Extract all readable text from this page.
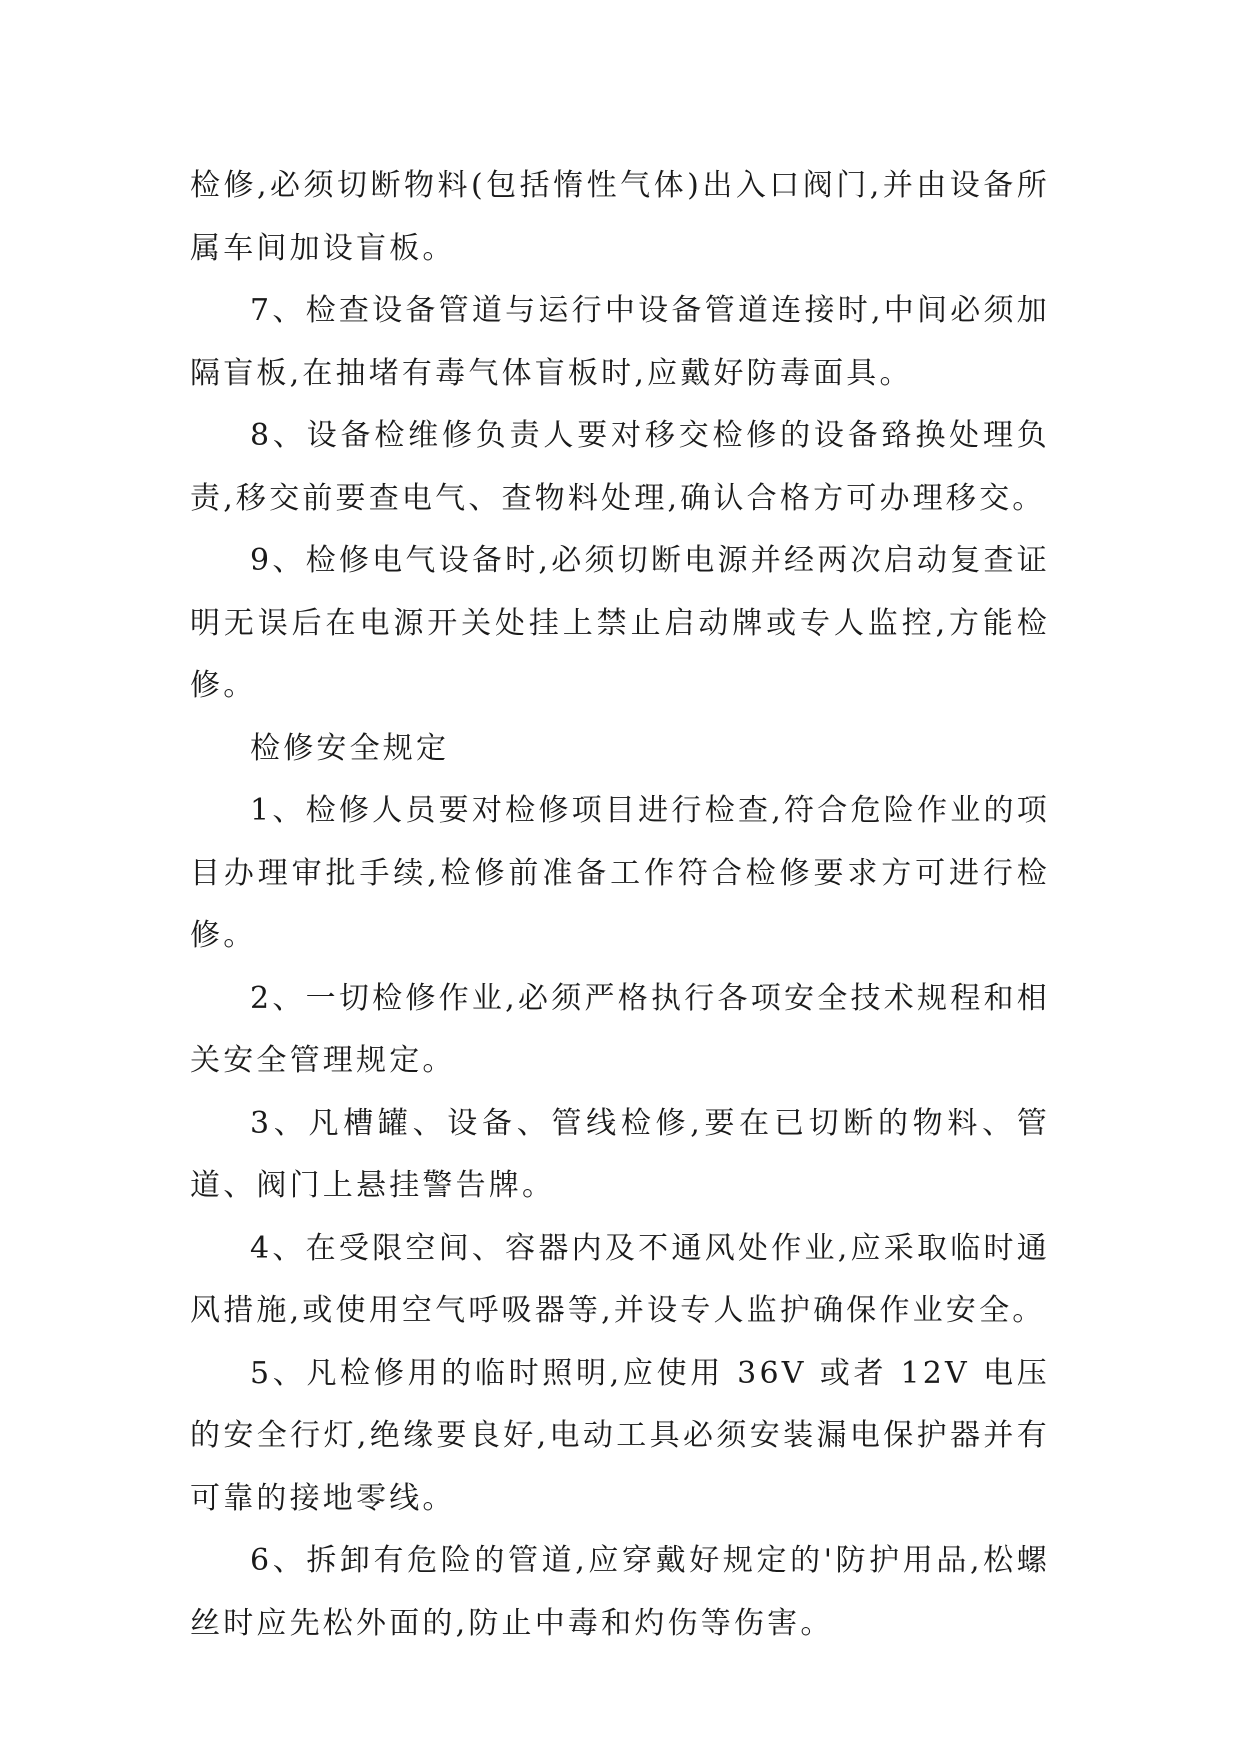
检修,必须切断物料(包括惰性气体)出入口阀门,并由设备所属车间加设盲板。

7、检查设备管道与运行中设备管道连接时,中间必须加隔盲板,在抽堵有毒气体盲板时,应戴好防毒面具。

8、设备检维修负责人要对移交检修的设备臵换处理负责,移交前要查电气、查物料处理,确认合格方可办理移交。

9、检修电气设备时,必须切断电源并经两次启动复查证明无误后在电源开关处挂上禁止启动牌或专人监控,方能检修。

检修安全规定

1、检修人员要对检修项目进行检查,符合危险作业的项目办理审批手续,检修前准备工作符合检修要求方可进行检修。

2、一切检修作业,必须严格执行各项安全技术规程和相关安全管理规定。

3、凡槽罐、设备、管线检修,要在已切断的物料、管道、阀门上悬挂警告牌。

4、在受限空间、容器内及不通风处作业,应采取临时通风措施,或使用空气呼吸器等,并设专人监护确保作业安全。

5、凡检修用的临时照明,应使用 36V 或者 12V 电压的安全行灯,绝缘要良好,电动工具必须安装漏电保护器并有可靠的接地零线。

6、拆卸有危险的管道,应穿戴好规定的'防护用品,松螺丝时应先松外面的,防止中毒和灼伤等伤害。
